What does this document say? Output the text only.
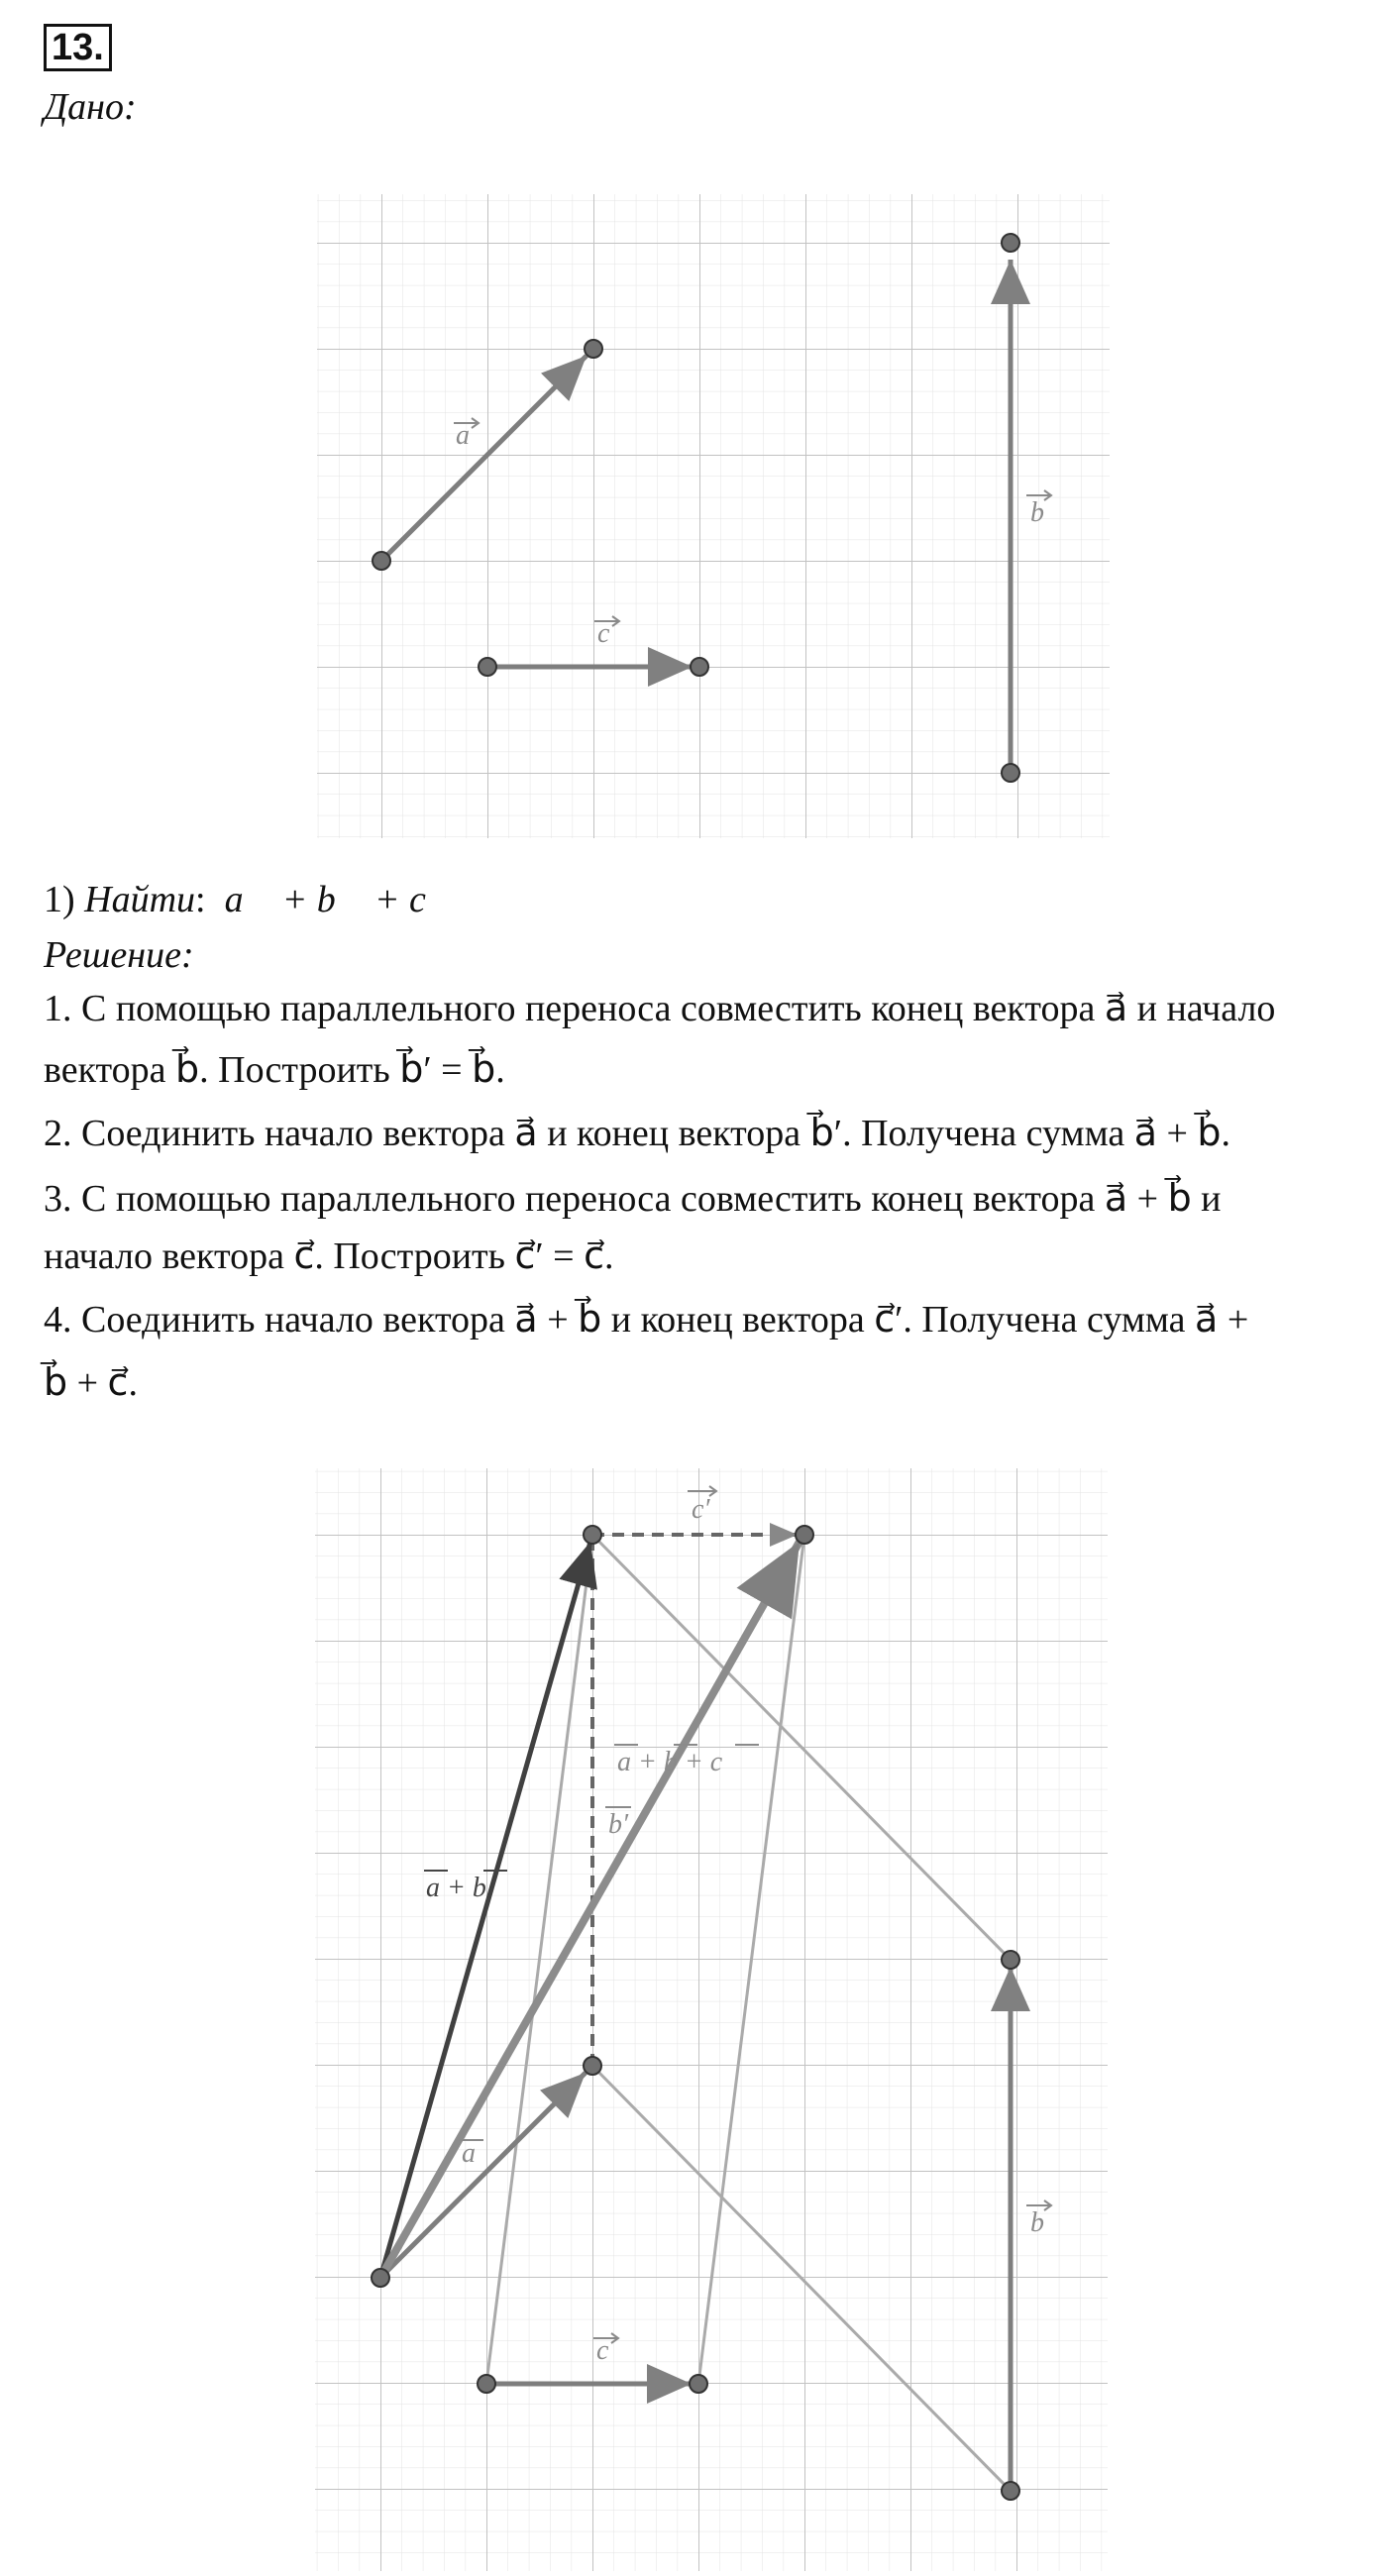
13.
Дано:
a
c
b
1) Найти: a⃗ + b⃗ + c⃗
Решение:
1. С помощью параллельного переноса совместить конец вектора a⃗ и начало
вектора b⃗. Построить b⃗′ = b⃗.
2. Соединить начало вектора a⃗ и конец вектора b⃗′. Получена сумма a⃗ + b⃗.
3. С помощью параллельного переноса совместить конец вектора a⃗ + b⃗ и
начало вектора c⃗. Построить c⃗′ = c⃗.
4. Соединить начало вектора a⃗ + b⃗ и конец вектора c⃗′. Получена сумма a⃗ +
b⃗ + c⃗.
c′
a + b + c
b′
a + b
a
c
b
